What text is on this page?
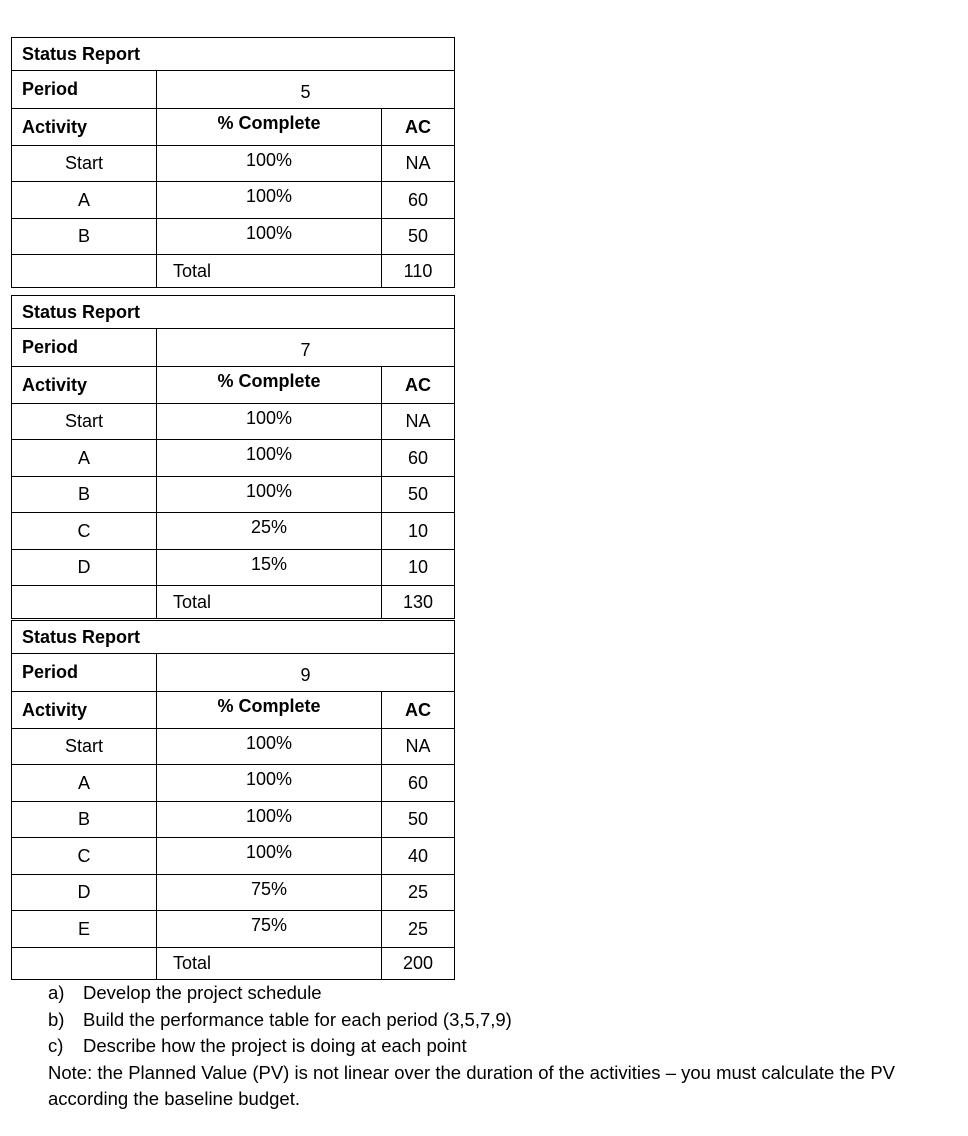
Status Report		
Period	5	
Activity	% Complete	AC
Start	100%	NA
A	100%	60
B	100%	50
	Total	110
Status Report		
Period	7	
Activity	% Complete	AC
Start	100%	NA
A	100%	60
B	100%	50
C	25%	10
D	15%	10
	Total	130
Status Report		
Period	9	
Activity	% Complete	AC
Start	100%	NA
A	100%	60
B	100%	50
C	100%	40
D	75%	25
E	75%	25
	Total	200
a)	Develop the project schedule
b)	Build the performance table for each period (3,5,7,9)
c)	Describe how the project is doing at each point

Note: the Planned Value (PV) is not linear over the duration of the activities – you must calculate the PV according the baseline budget.
